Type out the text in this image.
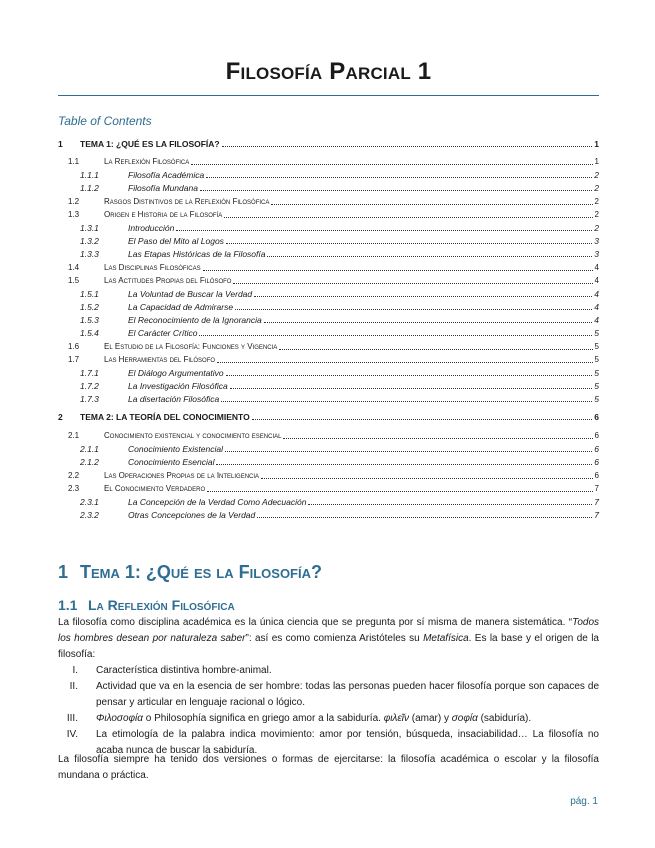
Filosofía Parcial 1
Table of Contents
1	TEMA 1: ¿QUÉ ES LA FILOSOFÍA?	1
1.1	La Reflexión Filosófica	1
1.1.1	Filosofía Académica	2
1.1.2	Filosofía Mundana	2
1.2	Rasgos Distintivos de la Reflexión Filosófica	2
1.3	Origen e Historia de la Filosofía	2
1.3.1	Introducción	2
1.3.2	El Paso del Mito al Logos	3
1.3.3	Las Etapas Históricas de la Filosofía	3
1.4	Las Disciplinas Filosóficas	4
1.5	Las Actitudes Propias del Filósofo	4
1.5.1	La Voluntad de Buscar la Verdad	4
1.5.2	La Capacidad de Admirarse	4
1.5.3	El Reconocimiento de la Ignorancia	4
1.5.4	El Carácter Crítico	5
1.6	El Estudio de la Filosofía: Funciones y Vigencia	5
1.7	Las Herramientas del Filósofo	5
1.7.1	El Diálogo Argumentativo	5
1.7.2	La Investigación Filosófica	5
1.7.3	La disertación Filosófica	5
2	TEMA 2: LA TEORÍA DEL CONOCIMIENTO	6
2.1	Conocimiento existencial y conocimiento esencial	6
2.1.1	Conocimiento Existencial	6
2.1.2	Conocimiento Esencial	6
2.2	Las Operaciones Propias de la Inteligencia	6
2.3	El Conocimiento Verdadero	7
2.3.1	La Concepción de la Verdad Como Adecuación	7
2.3.2	Otras Concepciones de la Verdad	7
1 Tema 1: ¿Qué es la Filosofía?
1.1 La Reflexión Filosófica
La filosofía como disciplina académica es la única ciencia que se pregunta por sí misma de manera sistemática. “Todos los hombres desean por naturaleza saber”: así es como comienza Aristóteles su Metafísica. Es la base y el origen de la filosofía:
I. Característica distintiva hombre-animal.
II. Actividad que va en la esencia de ser hombre: todas las personas pueden hacer filosofía porque son capaces de pensar y articular en lenguaje racional o lógico.
III. Φιλοσοφία o Philosophía significa en griego amor a la sabiduría. φιλεῖν (amar) y σοφία (sabiduría).
IV. La etimología de la palabra indica movimiento: amor por tensión, búsqueda, insaciabilidad… La filosofía no acaba nunca de buscar la sabiduría.
La filosofía siempre ha tenido dos versiones o formas de ejercitarse: la filosofía académica o escolar y la filosofía mundana o práctica.
pág. 1
